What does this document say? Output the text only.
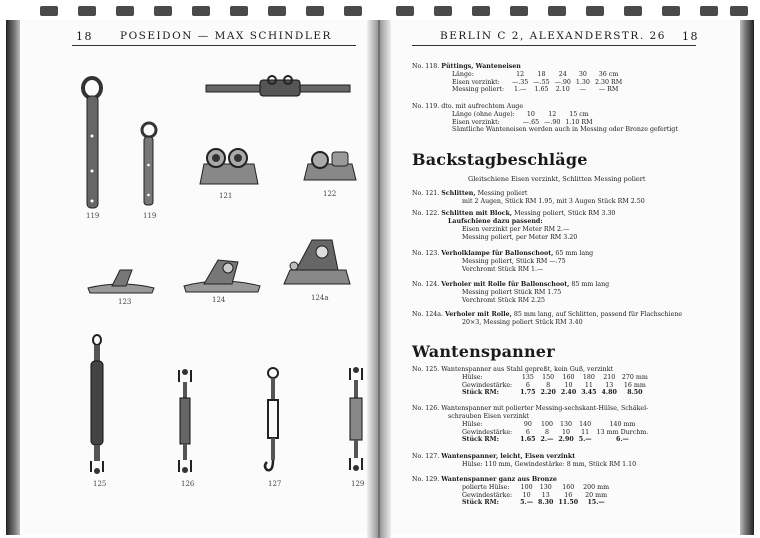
18	POSEIDON — MAX SCHINDLER
119	119
121	122
123	124	124a
125	126	127	129
BERLIN C 2, ALEXANDERSTR. 26 18
No. 118. Püttings, Wanteneisen
Länge:	12	18	24	30	36 cm
Eisen verzinkt:	—.35	—.55	—.90	1.30	2.30 RM
Messing poliert:	1.—	1.65	2.10	—	— RM
No. 119. dto. mit aufrechtem Auge
Länge (ohne Auge):	10	12	15 cm
Eisen verzinkt:	—.65	—.90	1.10 RM
Sämtliche Wanteneisen werden auch in Messing oder Bronze gefertigt
Backstagbeschläge
Gleitschiene Eisen verzinkt, Schlitten Messing poliert
No. 121. Schlitten, Messing poliert
mit 2 Augen, Stück RM 1.95, mit 3 Augen Stück RM 2.50
No. 122. Schlitten mit Block, Messing poliert, Stück RM 3.30
Laufschiene dazu passend:
Eisen verzinkt per Meter RM 2.—
Messing poliert, per Meter RM 3.20
No. 123. Verholklampe für Ballonschoot, 65 mm lang
Messing poliert, Stück RM —.75
Verchromt Stück RM 1.—
No. 124. Verholer mit Rolle für Ballonschoot, 85 mm lang
Messing poliert Stück RM 1.75
Verchromt Stück RM 2.25
No. 124a. Verholer mit Rolle, 85 mm lang, auf Schlitten, passend für Flachschiene
20×3, Messing poliert Stück RM 3.40
Wantenspanner
No. 125. Wantenspanner aus Stahl gepreßt, kein Guß, verzinkt
Hülse:	135	150	160	180	210	270 mm
Gewindestärke:	6	8	10	11	13	16 mm
Stück RM:	1.75	2.20	2.40	3.45	4.80	8.50
No. 126. Wantenspanner mit polierter Messing-sechskant-Hülse, Schäkel-
schrauben Eisen verzinkt
Hülse:	90	100	130	140	140 mm
Gewindestärke:	6	8	10	11	13 mm Durchm.
Stück RM:	1.65	2.—	2.90	5.—	6.—
No. 127. Wantenspanner, leicht, Eisen verzinkt
Hülse: 110 mm, Gewindestärke: 8 mm, Stück RM 1.10
No. 129. Wantenspanner ganz aus Bronze
polierte Hülse:	100	130	160	200 mm
Gewindestärke:	10	13	16	20 mm
Stück RM:	5.—	8.30	11.50	15.—
